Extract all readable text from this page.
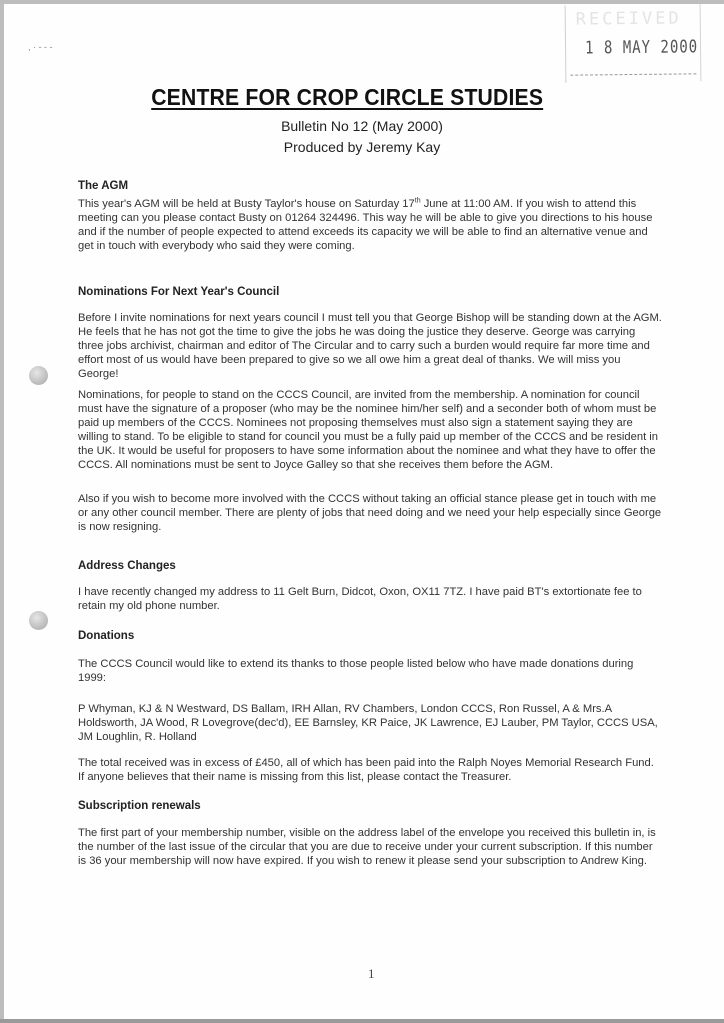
, · - - -
RECEIVED
1 8 MAY 2000
CENTRE FOR CROP CIRCLE STUDIES
Bulletin No 12 (May 2000)
Produced by Jeremy Kay
The AGM
This year's AGM will be held at Busty Taylor's house on Saturday 17th June at 11:00 AM. If you wish to attend this meeting can you please contact Busty on 01264 324496. This way he will be able to give you directions to his house and if the number of people expected to attend exceeds its capacity we will be able to find an alternative venue and get in touch with everybody who said they were coming.
Nominations For Next Year's Council
Before I invite nominations for next years council I must tell you that George Bishop will be standing down at the AGM. He feels that he has not got the time to give the jobs he was doing the justice they deserve. George was carrying three jobs archivist, chairman and editor of The Circular and to carry such a burden would require far more time and effort most of us would have been prepared to give so we all owe him a great deal of thanks. We will miss you George!
Nominations, for people to stand on the CCCS Council, are invited from the membership. A nomination for council must have the signature of a proposer (who may be the nominee him/her self) and a seconder both of whom must be paid up members of the CCCS. Nominees not proposing themselves must also sign a statement saying they are willing to stand. To be eligible to stand for council you must be a fully paid up member of the CCCS and be resident in the UK. It would be useful for proposers to have some information about the nominee and what they have to offer the CCCS. All nominations must be sent to Joyce Galley so that she receives them before the AGM.
Also if you wish to become more involved with the CCCS without taking an official stance please get in touch with me or any other council member. There are plenty of jobs that need doing and we need your help especially since George is now resigning.
Address Changes
I have recently changed my address to 11 Gelt Burn, Didcot, Oxon, OX11 7TZ. I have paid BT's extortionate fee to retain my old phone number.
Donations
The CCCS Council would like to extend its thanks to those people listed below who have made donations during 1999:
P Whyman, KJ & N Westward, DS Ballam, IRH Allan, RV Chambers, London CCCS, Ron Russel, A & Mrs.A Holdsworth, JA Wood, R Lovegrove(dec'd), EE Barnsley, KR Paice, JK Lawrence, EJ Lauber, PM Taylor, CCCS USA, JM Loughlin, R. Holland
The total received was in excess of £450, all of which has been paid into the Ralph Noyes Memorial Research Fund. If anyone believes that their name is missing from this list, please contact the Treasurer.
Subscription renewals
The first part of your membership number, visible on the address label of the envelope you received this bulletin in, is the number of the last issue of the circular that you are due to receive under your current subscription. If this number is 36 your membership will now have expired. If you wish to renew it please send your subscription to Andrew King.
1
